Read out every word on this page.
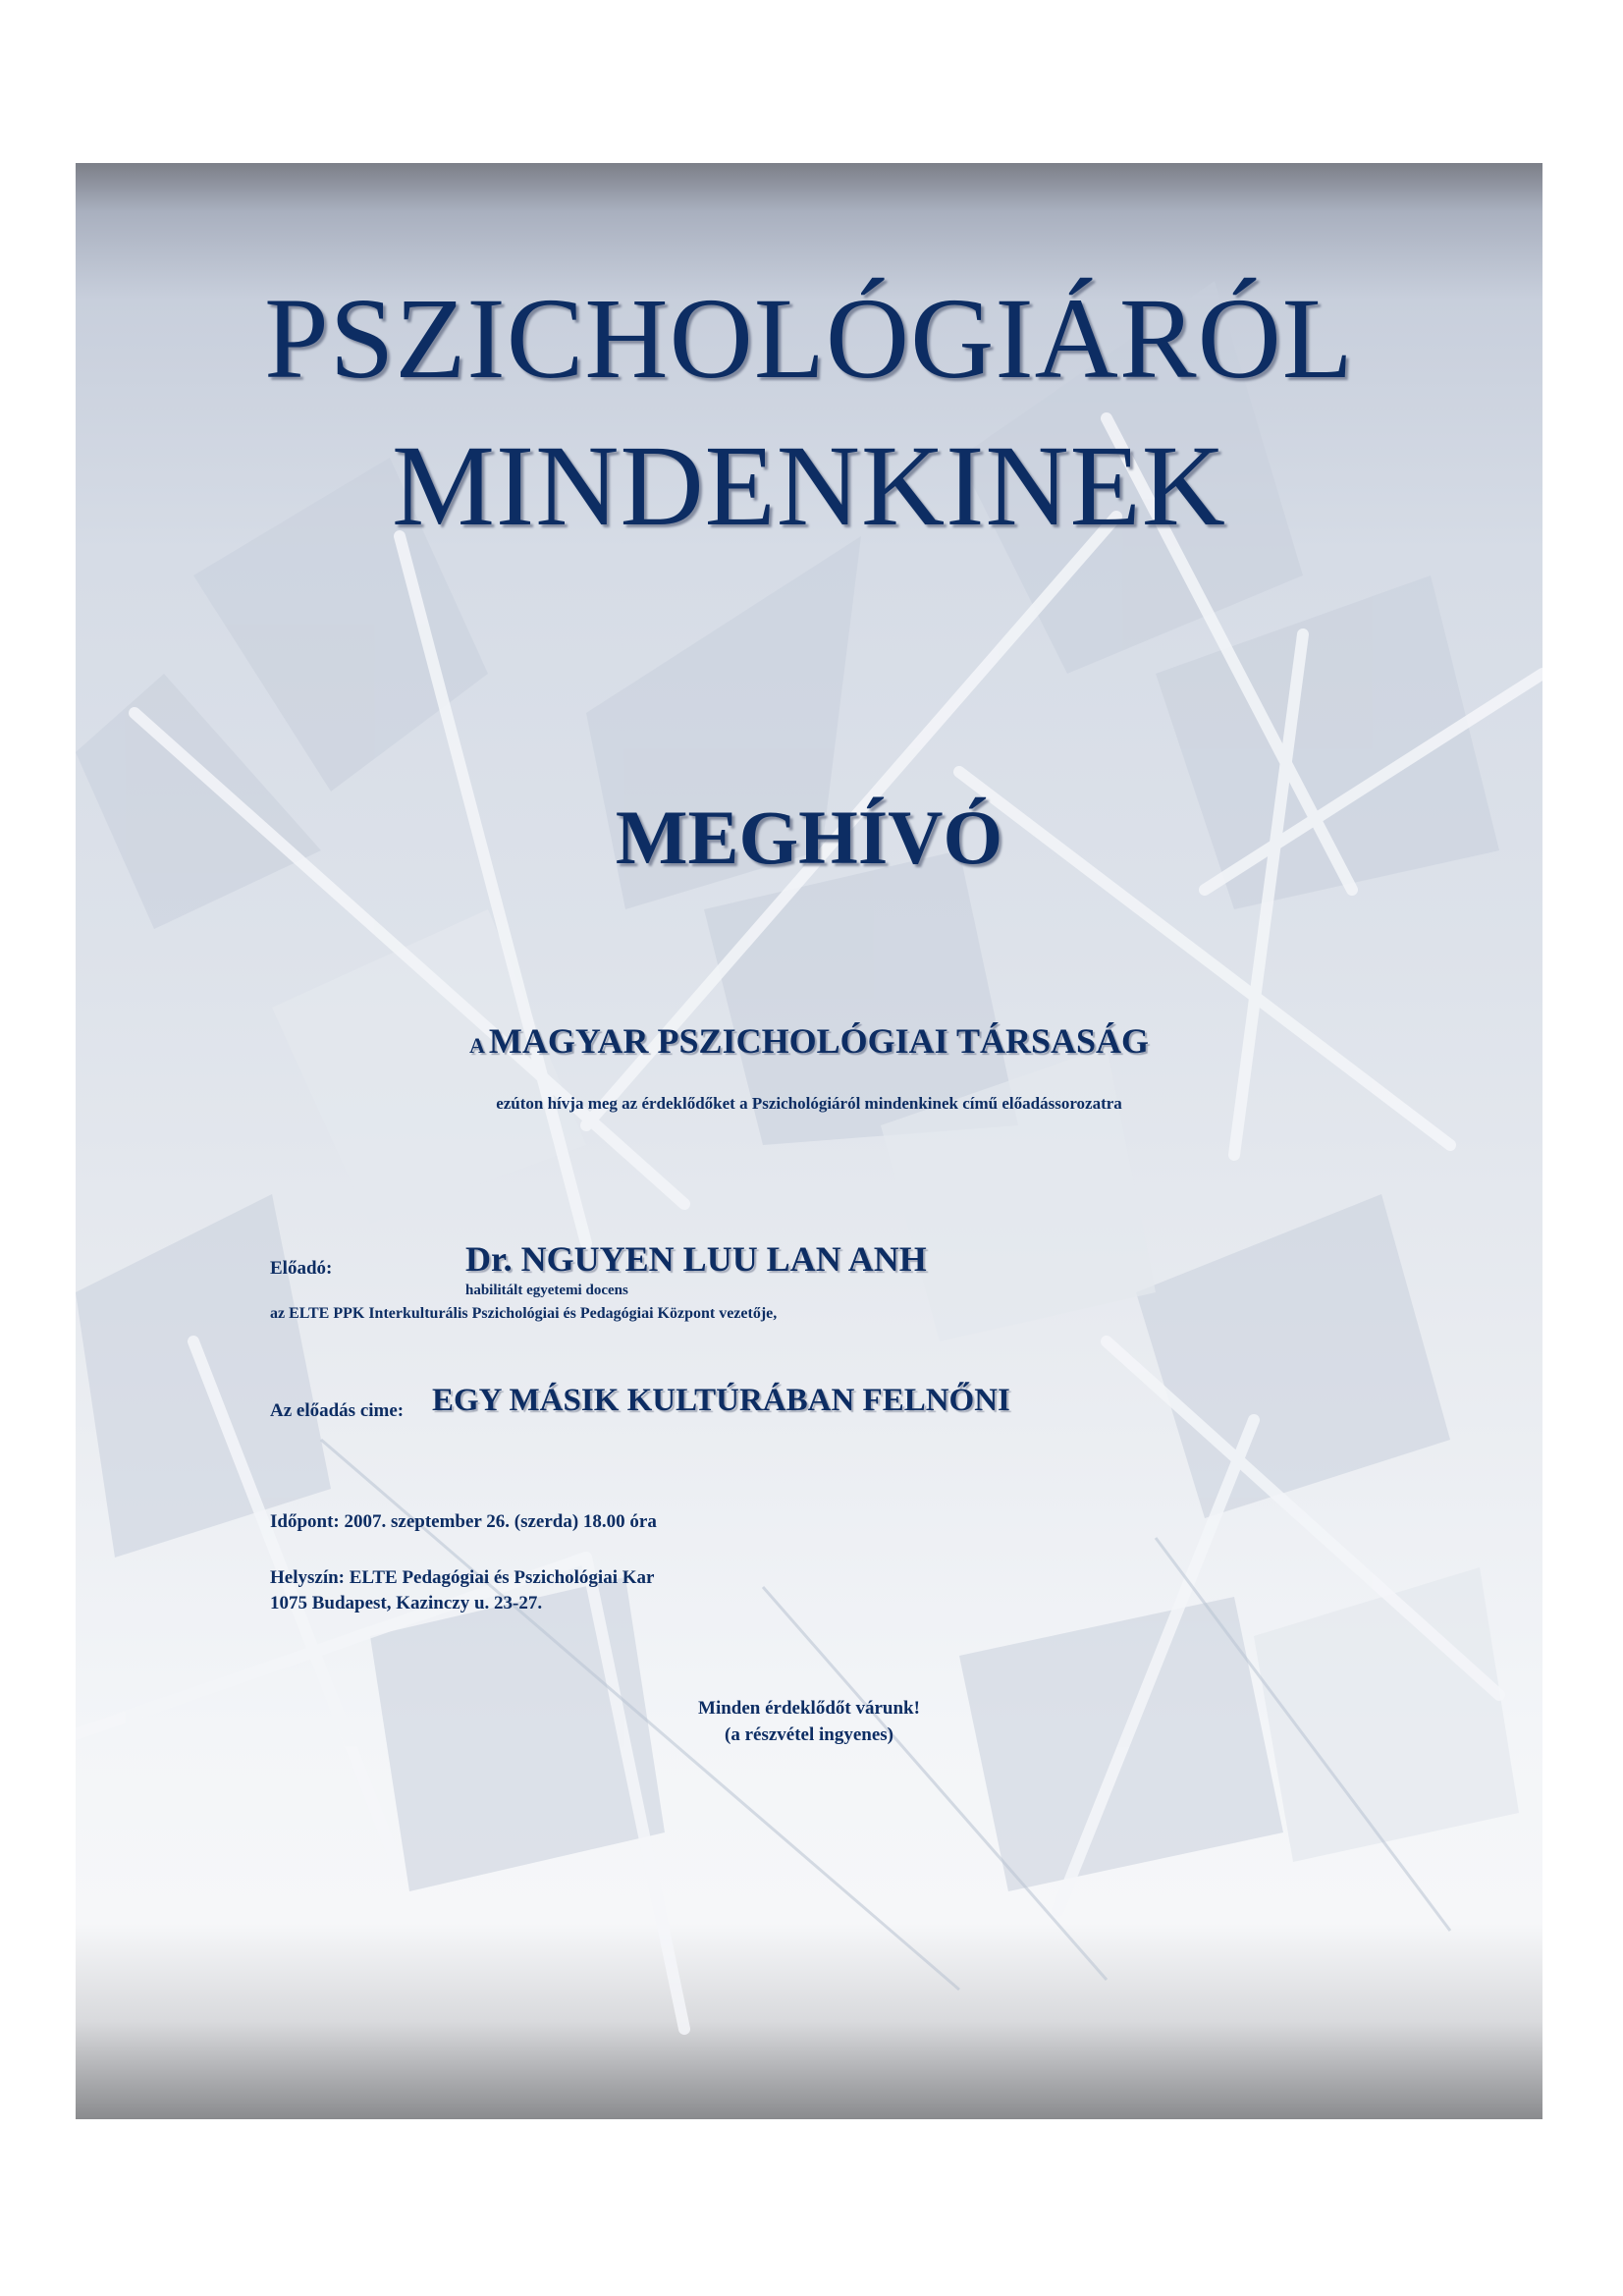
PSZICHOLÓGIÁRÓL
MINDENKINEK
MEGHÍVÓ
A MAGYAR PSZICHOLÓGIAI TÁRSASÁG
ezúton hívja meg az érdeklődőket a Pszichológiáról mindenkinek című előadássorozatra
Előadó:	Dr. NGUYEN LUU LAN ANH
habilitált egyetemi docens
az ELTE PPK Interkulturális Pszichológiai és Pedagógiai Központ vezetője,
Az előadás cime: EGY MÁSIK KULTÚRÁBAN FELNŐNI
Időpont: 2007. szeptember 26. (szerda) 18.00 óra
Helyszín: ELTE Pedagógiai és Pszichológiai Kar
1075 Budapest, Kazinczy u. 23-27.
Minden érdeklődőt várunk!
(a részvétel ingyenes)
